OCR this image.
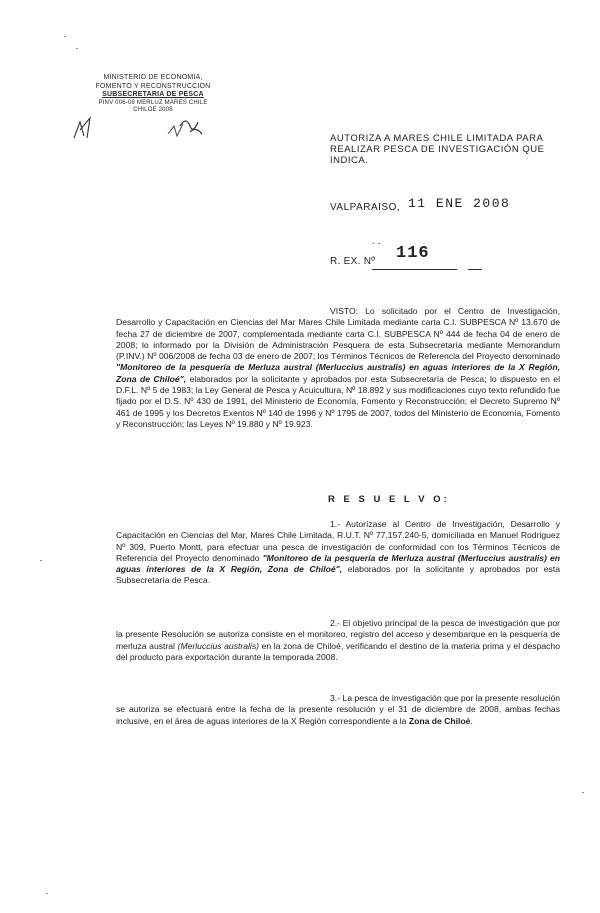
MINISTERIO DE ECONOMIA,
FOMENTO Y RECONSTRUCCION
SUBSECRETARIA DE PESCA
PINV 006-08 MERLUZ MARES CHILE
CHILOE 2008
AUTORIZA A MARES CHILE LIMITADA PARA REALIZAR PESCA DE INVESTIGACIÓN QUE INDICA.
VALPARAISO, 11 ENE 2008
- -
R. EX. Nº 116
VISTO: Lo solicitado por el Centro de Investigación, Desarrollo y Capacitación en Ciencias del Mar Mares Chile Limitada mediante carta C.I. SUBPESCA Nº 13.670 de fecha 27 de diciembre de 2007, complementada mediante carta C.I. SUBPESCA Nº 444 de fecha 04 de enero de 2008; lo informado por la División de Administración Pesquera de esta Subsecretaría mediante Memorandum (P.INV.) Nº 006/2008 de fecha 03 de enero de 2007; los Términos Técnicos de Referencia del Proyecto denominado "Monitoreo de la pesquería de Merluza austral (Merluccius australis) en aguas interiores de la X Región, Zona de Chiloé", elaborados por la solicitante y aprobados por esta Subsecretaría de Pesca; lo dispuesto en el D.F.L. Nº 5 de 1983; la Ley General de Pesca y Acuicultura, Nº 18.892 y sus modificaciones cuyo texto refundido fue fijado por el D.S. Nº 430 de 1991, del Ministerio de Economía, Fomento y Reconstrucción; el Decreto Supremo Nº 461 de 1995 y los Decretos Exentos Nº 140 de 1996 y Nº 1795 de 2007, todos del Ministerio de Economía, Fomento y Reconstrucción; las Leyes Nº 19.880 y Nº 19.923.
R E S U E L V O:
1.- Autorízase al Centro de Investigación, Desarrollo y Capacitación en Ciencias del Mar, Mares Chile Limitada, R.U.T. Nº 77.157.240-5, domiciliada en Manuel Rodriguez Nº 309, Puerto Montt, para efectuar una pesca de investigación de conformidad con los Términos Técnicos de Referencia del Proyecto denominado "Monitoreo de la pesquería de Merluza austral (Merluccius australis) en aguas interiores de la X Región, Zona de Chiloé", elaborados por la solicitante y aprobados por esta Subsecretaría de Pesca.
2.- El objetivo principal de la pesca de investigación que por la presente Resolución se autoriza consiste en el monitoreo, registro del acceso y desembarque en la pesquería de merluza austral (Merluccius australis) en la zona de Chiloé, verificando el destino de la materia prima y el despacho del producto para exportación durante la temporada 2008.
3.- La pesca de investigación que por la presente resolución se autoriza se efectuará entre la fecha de la presente resolución y el 31 de diciembre de 2008, ambas fechas inclusive, en el área de aguas interiores de la X Región correspondiente a la Zona de Chiloé.
